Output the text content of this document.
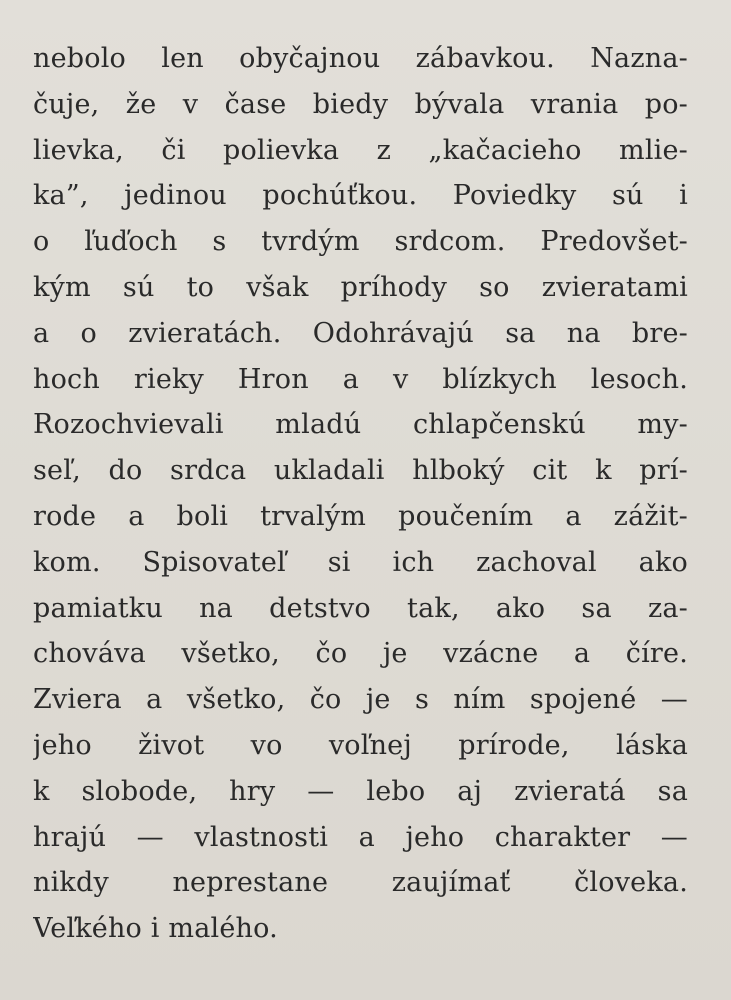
nebolo len obyčajnou zábavkou. Nazna-
čuje, že v čase biedy bývala vrania po-
lievka, či polievka z „kačacieho mlie-
ka”, jedinou pochúťkou. Poviedky sú i
o ľuďoch s tvrdým srdcom. Predovšet-
kým sú to však príhody so zvieratami
a o zvieratách. Odohrávajú sa na bre-
hoch rieky Hron a v blízkych lesoch.
Rozochvievali mladú chlapčenskú my-
seľ, do srdca ukladali hlboký cit k prí-
rode a boli trvalým poučením a zážit-
kom. Spisovateľ si ich zachoval ako
pamiatku na detstvo tak, ako sa za-
chováva všetko, čo je vzácne a číre.
Zviera a všetko, čo je s ním spojené —
jeho život vo voľnej prírode, láska
k slobode, hry — lebo aj zvieratá sa
hrajú — vlastnosti a jeho charakter —
nikdy neprestane zaujímať človeka.
Veľkého i malého.
